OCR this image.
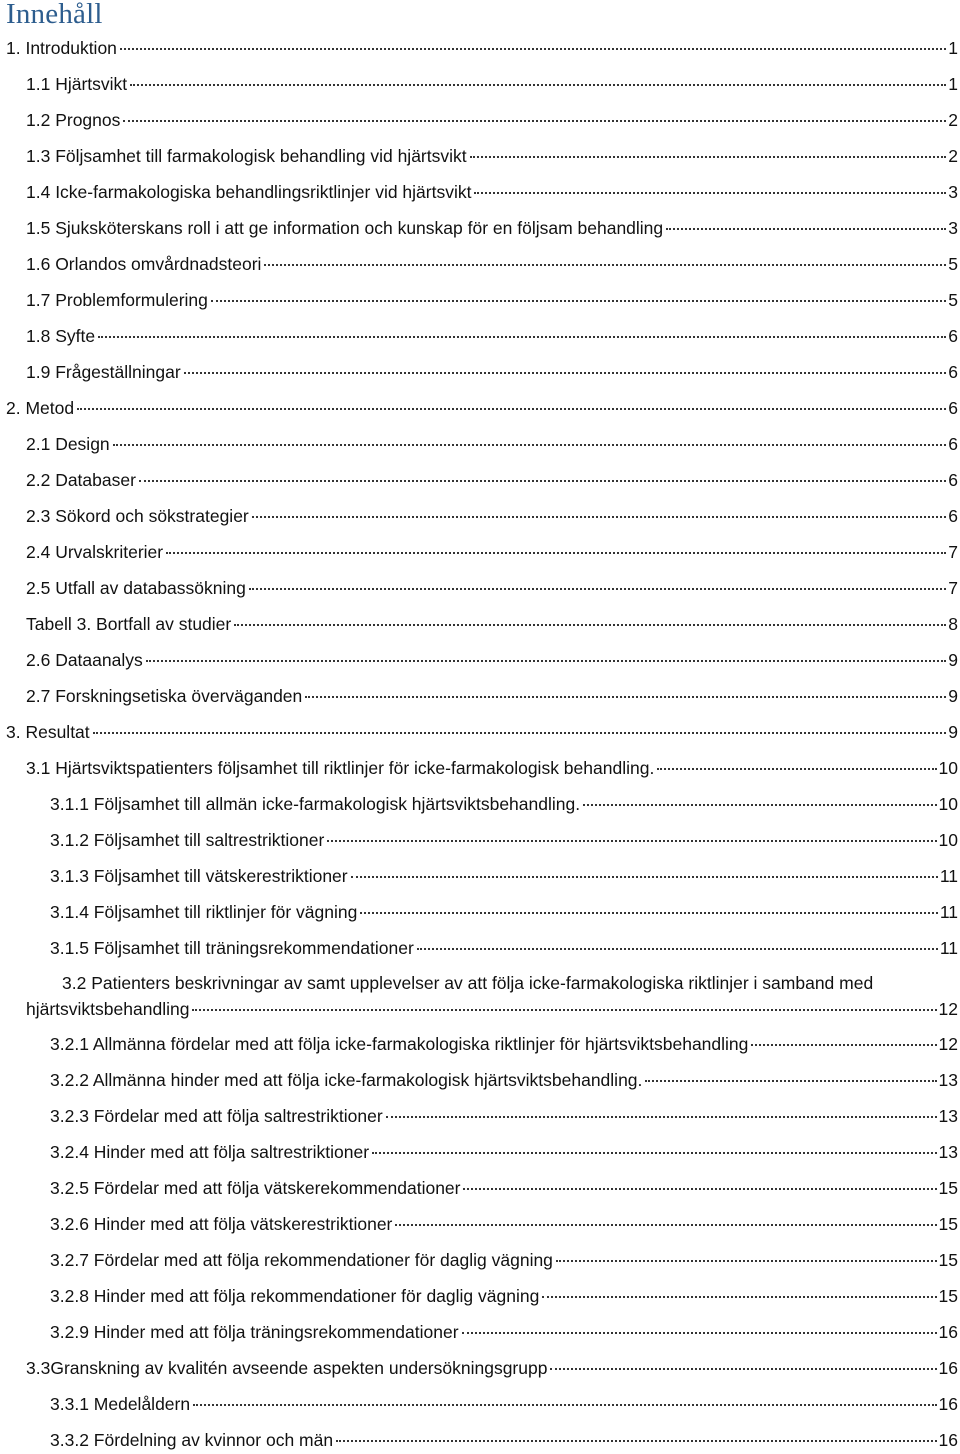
Innehåll
1. Introduktion	1
1.1 Hjärtsvikt	1
1.2 Prognos	2
1.3 Följsamhet till farmakologisk behandling vid hjärtsvikt	2
1.4 Icke-farmakologiska behandlingsriktlinjer vid hjärtsvikt	3
1.5 Sjuksköterskans roll i att ge information och kunskap för en följsam behandling	3
1.6 Orlandos omvårdnadsteori	5
1.7 Problemformulering	5
1.8 Syfte	6
1.9 Frågeställningar	6
2. Metod	6
2.1 Design	6
2.2 Databaser	6
2.3 Sökord och sökstrategier	6
2.4 Urvalskriterier	7
2.5 Utfall av databassökning	7
Tabell 3. Bortfall av studier	8
2.6 Dataanalys	9
2.7 Forskningsetiska överväganden	9
3. Resultat	9
3.1 Hjärtsviktspatienters följsamhet till riktlinjer för icke-farmakologisk behandling.	10
3.1.1 Följsamhet till allmän icke-farmakologisk hjärtsviktsbehandling.	10
3.1.2 Följsamhet till saltrestriktioner	10
3.1.3 Följsamhet till vätskerestriktioner	11
3.1.4 Följsamhet till riktlinjer för vägning	11
3.1.5 Följsamhet till träningsrekommendationer	11
3.2 Patienters beskrivningar av samt upplevelser av att följa icke-farmakologiska riktlinjer i samband med
hjärtsviktsbehandling	12
3.2.1 Allmänna fördelar med att följa icke-farmakologiska riktlinjer för hjärtsviktsbehandling	12
3.2.2 Allmänna hinder med att följa icke-farmakologisk hjärtsviktsbehandling.	13
3.2.3 Fördelar med att följa saltrestriktioner	13
3.2.4 Hinder med att följa saltrestriktioner	13
3.2.5 Fördelar med att följa vätskerekommendationer	15
3.2.6 Hinder med att följa vätskerestriktioner	15
3.2.7 Fördelar med att följa rekommendationer för daglig vägning	15
3.2.8 Hinder med att följa rekommendationer för daglig vägning	15
3.2.9 Hinder med att följa träningsrekommendationer	16
3.3Granskning av kvalitén avseende aspekten undersökningsgrupp	16
3.3.1 Medelåldern	16
3.3.2 Fördelning av kvinnor och män	16
